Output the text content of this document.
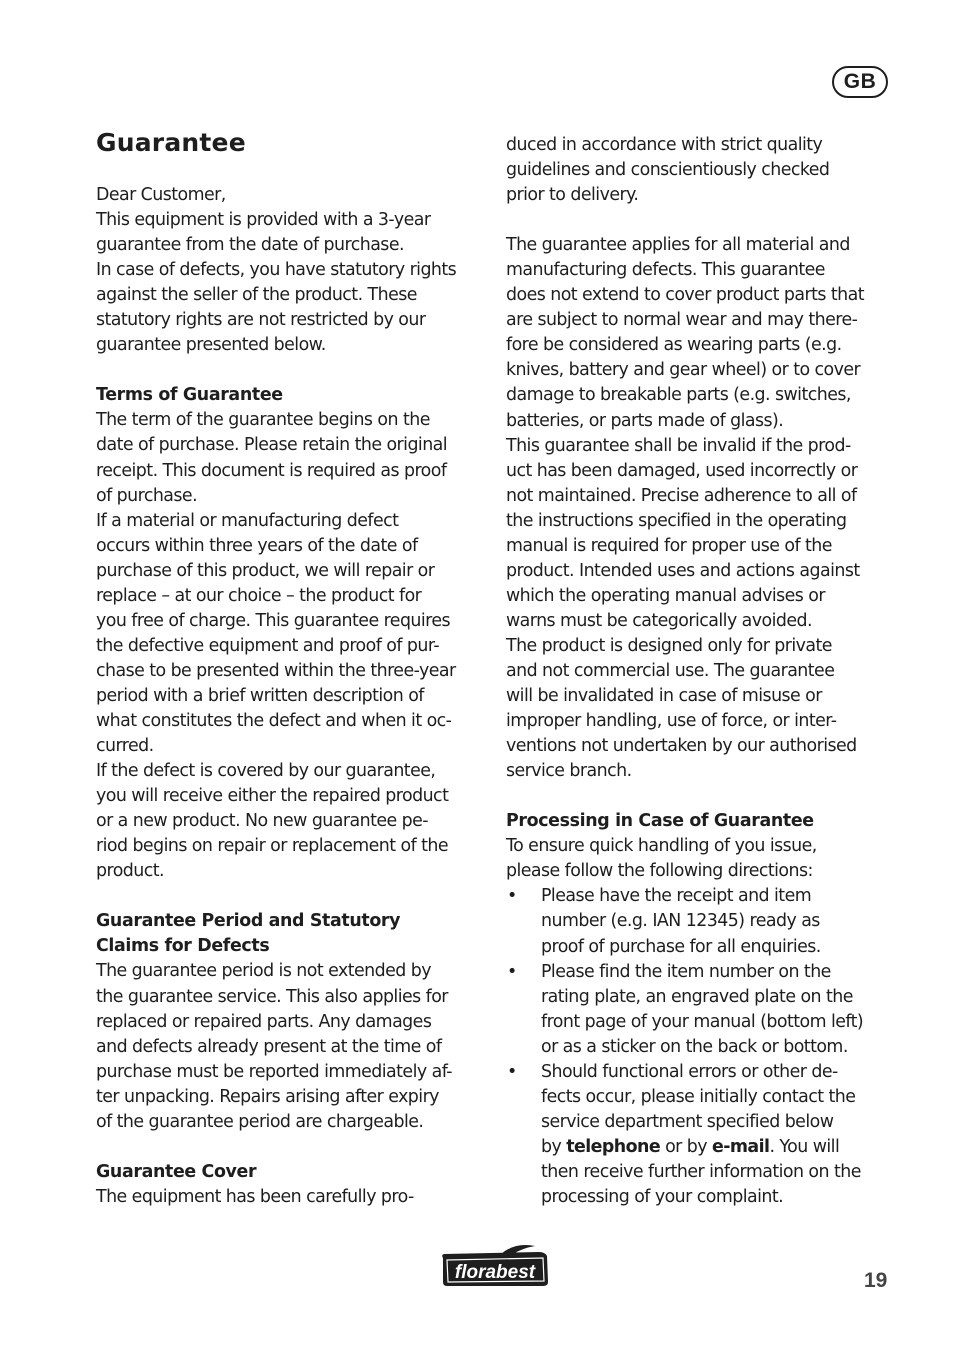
GB
Guarantee
Dear Customer,
This equipment is provided with a 3-year
guarantee from the date of purchase.
In case of defects, you have statutory rights
against the seller of the product. These
statutory rights are not restricted by our
guarantee presented below.
Terms of Guarantee
The term of the guarantee begins on the
date of purchase. Please retain the original
receipt. This document is required as proof
of purchase.
If a material or manufacturing defect
occurs within three years of the date of
purchase of this product, we will repair or
replace – at our choice – the product for
you free of charge. This guarantee requires
the defective equipment and proof of pur-
chase to be presented within the three-year
period with a brief written description of
what constitutes the defect and when it oc-
curred.
If the defect is covered by our guarantee,
you will receive either the repaired product
or a new product. No new guarantee pe-
riod begins on repair or replacement of the
product.
Guarantee Period and Statutory
Claims for Defects
The guarantee period is not extended by
the guarantee service. This also applies for
replaced or repaired parts. Any damages
and defects already present at the time of
purchase must be reported immediately af-
ter unpacking. Repairs arising after expiry
of the guarantee period are chargeable.
Guarantee Cover
The equipment has been carefully pro-
duced in accordance with strict quality
guidelines and conscientiously checked
prior to delivery.
The guarantee applies for all material and
manufacturing defects. This guarantee
does not extend to cover product parts that
are subject to normal wear and may there-
fore be considered as wearing parts (e.g.
knives, battery and gear wheel) or to cover
damage to breakable parts (e.g. switches,
batteries, or parts made of glass).
This guarantee shall be invalid if the prod-
uct has been damaged, used incorrectly or
not maintained. Precise adherence to all of
the instructions specified in the operating
manual is required for proper use of the
product. Intended uses and actions against
which the operating manual advises or
warns must be categorically avoided.
The product is designed only for private
and not commercial use. The guarantee
will be invalidated in case of misuse or
improper handling, use of force, or inter-
ventions not undertaken by our authorised
service branch.
Processing in Case of Guarantee
To ensure quick handling of you issue,
please follow the following directions:
• Please have the receipt and item
number (e.g. IAN 12345) ready as
proof of purchase for all enquiries.
• Please find the item number on the
rating plate, an engraved plate on the
front page of your manual (bottom left)
or as a sticker on the back or bottom.
• Should functional errors or other de-
fects occur, please initially contact the
service department specified below
by telephone or by e-mail. You will
then receive further information on the
processing of your complaint.
florabest	19
